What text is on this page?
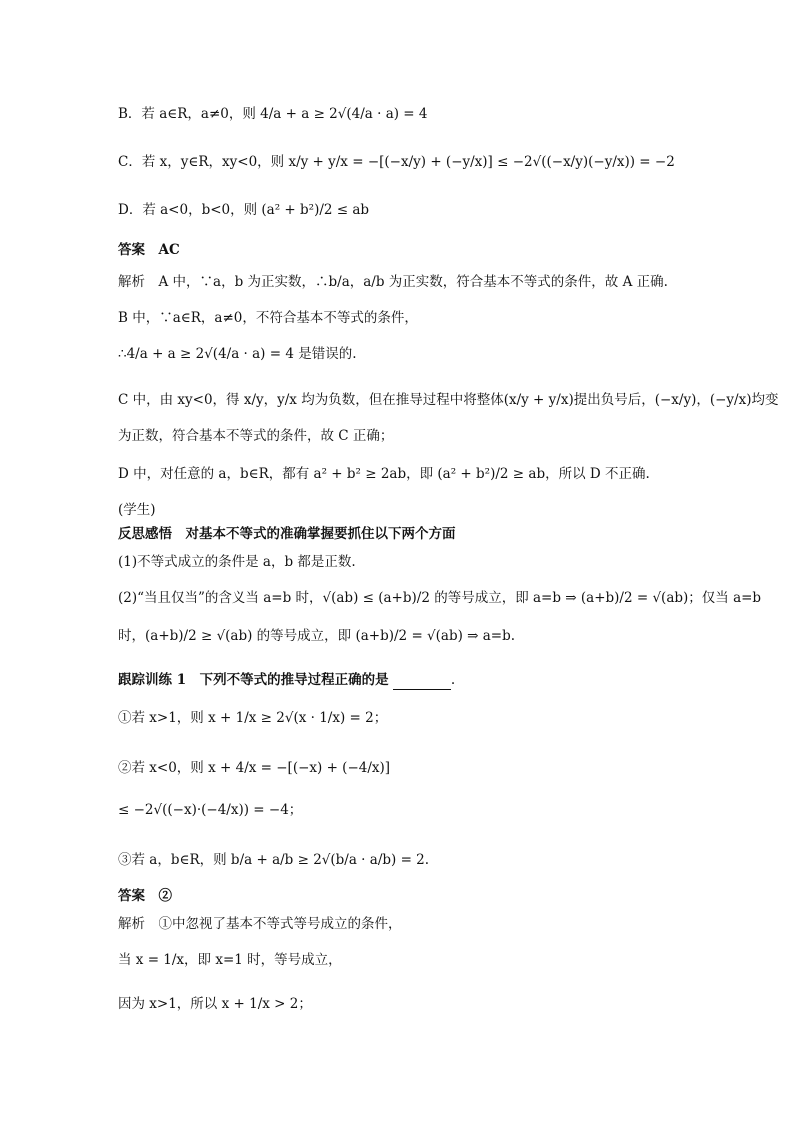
B．若 a∈R，a≠0，则 4/a + a ≥ 2√(4/a · a) = 4
C．若 x，y∈R，xy<0，则 x/y + y/x = −[(−x/y) + (−y/x)] ≤ −2√((−x/y)(−y/x)) = −2
D．若 a<0，b<0，则 (a² + b²)/2 ≤ ab
答案　AC
解析　A 中，∵a，b 为正实数，∴b/a，a/b 为正实数，符合基本不等式的条件，故 A 正确.
B 中，∵a∈R，a≠0，不符合基本不等式的条件，
∴4/a + a ≥ 2√(4/a · a) = 4 是错误的.
C 中，由 xy<0，得 x/y，y/x 均为负数，但在推导过程中将整体(x/y + y/x)提出负号后，(−x/y)，(−y/x)均变
为正数，符合基本不等式的条件，故 C 正确；
D 中，对任意的 a，b∈R，都有 a² + b² ≥ 2ab，即 (a² + b²)/2 ≥ ab，所以 D 不正确.
(学生)
反思感悟　对基本不等式的准确掌握要抓住以下两个方面
(1)不等式成立的条件是 a，b 都是正数.
(2)“当且仅当”的含义当 a=b 时，√(ab) ≤ (a+b)/2 的等号成立，即 a=b ⇒ (a+b)/2 = √(ab)；仅当 a=b
时，(a+b)/2 ≥ √(ab) 的等号成立，即 (a+b)/2 = √(ab) ⇒ a=b.
跟踪训练 1　下列不等式的推导过程正确的是	.
①若 x>1，则 x + 1/x ≥ 2√(x · 1/x) = 2；
②若 x<0，则 x + 4/x = −[(−x) + (−4/x)]
≤ −2√((−x)·(−4/x)) = −4；
③若 a，b∈R，则 b/a + a/b ≥ 2√(b/a · a/b) = 2.
答案　②
解析　①中忽视了基本不等式等号成立的条件，
当 x = 1/x，即 x=1 时，等号成立，
因为 x>1，所以 x + 1/x > 2；
